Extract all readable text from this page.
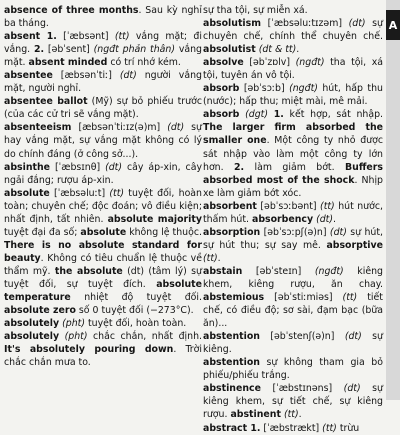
absence of three months. Sau kỳ nghỉ ba tháng.

absent 1. [ˈæbsənt] (tt) vắng mặt; đi vắng. 2. [əbˈsent] (ngđt phản thân) vắng mặt. absent minded có trí nhớ kém.

absentee [æbsənˈtiː] (dt) người vắng mặt, người nghỉ.

absentee ballot (Mỹ) sự bỏ phiếu trước (của các cử tri sẽ vắng mặt).

absenteeism [æbsənˈtiːɪz(ə)m] (dt) sự hay vắng mặt, sự vắng mặt không có lý do chính đáng (ở công sở...).

absinthe [ˈæbsɪnθ] (dt) cây áp-xin, cây ngải đắng; rượu áp-xin.

absolute [ˈæbsəluːt] (tt) tuyệt đối, hoàn toàn; chuyên chế; độc đoán; vô điều kiện; nhất định, tất nhiên. absolute majority tuyệt đại đa số; absolute không lệ thuộc. There is no absolute standard for beauty. Không có tiêu chuẩn lệ thuộc về thẩm mỹ. the absolute (dt) (tâm lý) sự tuyệt đối, sự tuyệt đích. absolute temperature nhiệt độ tuyệt đối. absolute zero số 0 tuyệt đối (−273°C).

absolutely (pht) tuyệt đối, hoàn toàn.

absolutely (pht) chắc chắn, nhất định. It's absolutely pouring down. Trời chắc chắn mưa to.

sự tha tội, sự miễn xá.

absolutism [ˈæbsəluːtɪzəm] (dt) sự chuyên chế, chính thể chuyên chế. absolutist (dt & tt).

absolve [əbˈzɒlv] (ngđt) tha tội, xá tội, tuyên án vô tội.

absorb [əbˈsɔːb] (ngđt) hút, hấp thu (nước); hấp thu; miệt mài, mê mải.

absorb (dgt) 1. kết hợp, sát nhập. The larger firm absorbed the smaller one. Một công ty nhỏ được sát nhập vào làm một công ty lớn hơn. 2. làm giảm bớt. Buffers absorbed most of the shock. Nhịp xe làm giảm bớt xóc.

absorbent [əbˈsɔːbənt] (tt) hút nước, thấm hút. absorbency (dt).

absorption [əbˈsɔːpʃ(ə)n] (dt) sự hút, sự hút thu; sự say mê. absorptive (tt).

abstain [əbˈsteɪn] (ngđt) kiêng khem, kiêng rượu, ăn chay. abstemious [əbˈstiːmiəs] (tt) tiết chế, có điều độ; sơ sài, đạm bạc (bữa ăn)...

abstention [əbˈstenʃ(ə)n] (dt) sự kiêng.

abstention sự không tham gia bỏ phiếu/phiếu trắng.

abstinence [ˈæbstɪnəns] (dt) sự kiêng khem, sự tiết chế, sự kiêng rượu. abstinent (tt).

abstract 1. [ˈæbstrækt] (tt) trừu

A
